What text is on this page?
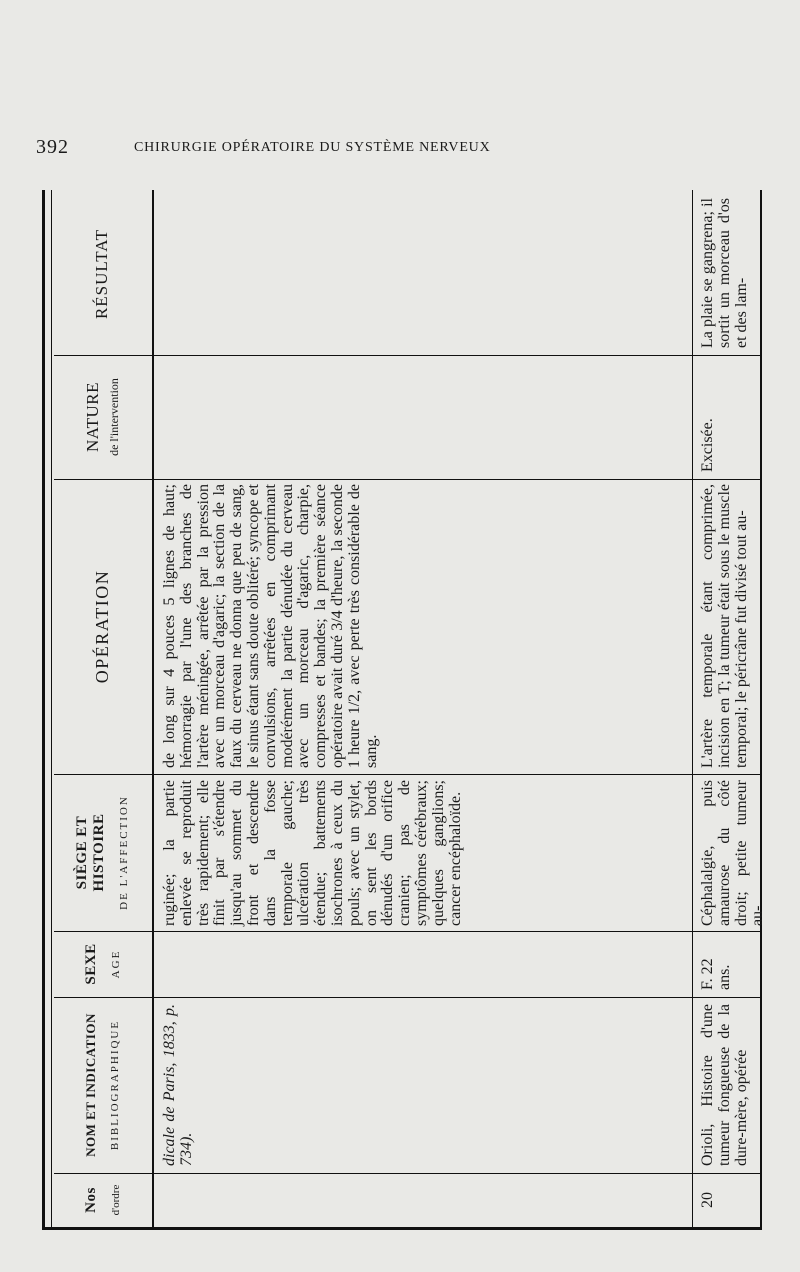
392	CHIRURGIE OPÉRATOIRE DU SYSTÈME NERVEUX
Nos d'ordre
NOM ET INDICATION BIBLIOGRAPHIQUE
SIÈGE ET HISTOIRE DE L'AFFECTION
SEXE AGE
OPÉRATION
NATURE de l'intervention
RÉSULTAT
dicale de Paris, 1833, p. 734).
ruginée; la partie enlevée se reproduit très rapidement; elle finit par s'étendre jusqu'au sommet du front et descendre dans la fosse temporale gauche; ulcération très étendue; battements isochrones à ceux du pouls; avec un stylet, on sent les bords dénudés d'un orifice cranien; pas de symptômes cérébraux; quelques ganglions; cancer encéphaloïde.
de long sur 4 pouces 5 lignes de haut; hémorragie par l'une des branches de l'artère méningée, arrêtée par la pression avec un morceau d'agaric; la section de la faux du cerveau ne donna que peu de sang, le sinus étant sans doute oblitéré; syncope et convulsions, arrêtées en comprimant modérément la partie dénudée du cerveau avec un morceau d'agaric, charpie, compresses et bandes; la première séance opératoire avait duré 3/4 d'heure, la seconde 1 heure 1/2, avec perte très considérable de sang.
20
Orioli, Histoire d'une tumeur fongueuse de la dure-mère, opérée
F. 22 ans.
Céphalalgie, puis amaurose du côté droit; petite tumeur au-
L'artère temporale étant comprimée, incision en T; la tumeur était sous le muscle temporal; le péricrâne fut divisé tout au-
Excisée.
La plaie se gangrena; il sortit un morceau d'os et des lam-
